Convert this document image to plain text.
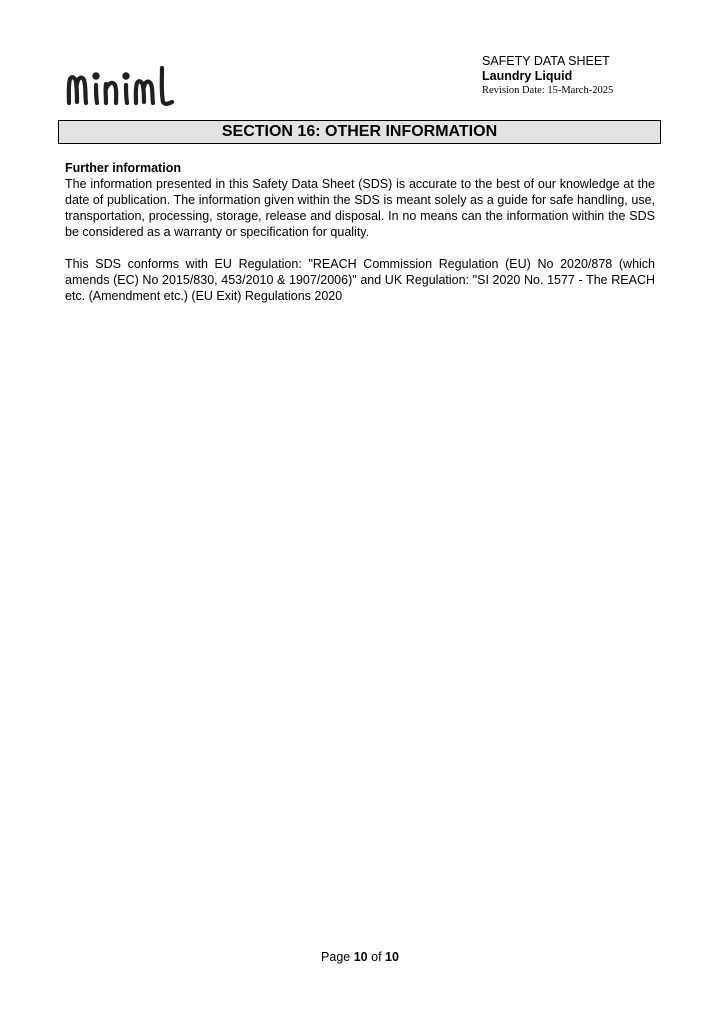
SAFETY DATA SHEET
Laundry Liquid
Revision Date: 15-March-2025
SECTION 16: OTHER INFORMATION
Further information

The information presented in this Safety Data Sheet (SDS) is accurate to the best of our knowledge at the date of publication. The information given within the SDS is meant solely as a guide for safe handling, use, transportation, processing, storage, release and disposal. In no means can the information within the SDS be considered as a warranty or specification for quality.

This SDS conforms with EU Regulation: "REACH Commission Regulation (EU) No 2020/878 (which amends (EC) No 2015/830, 453/2010 & 1907/2006)" and UK Regulation: "SI 2020 No. 1577 - The REACH etc. (Amendment etc.) (EU Exit) Regulations 2020

Page 10 of 10
